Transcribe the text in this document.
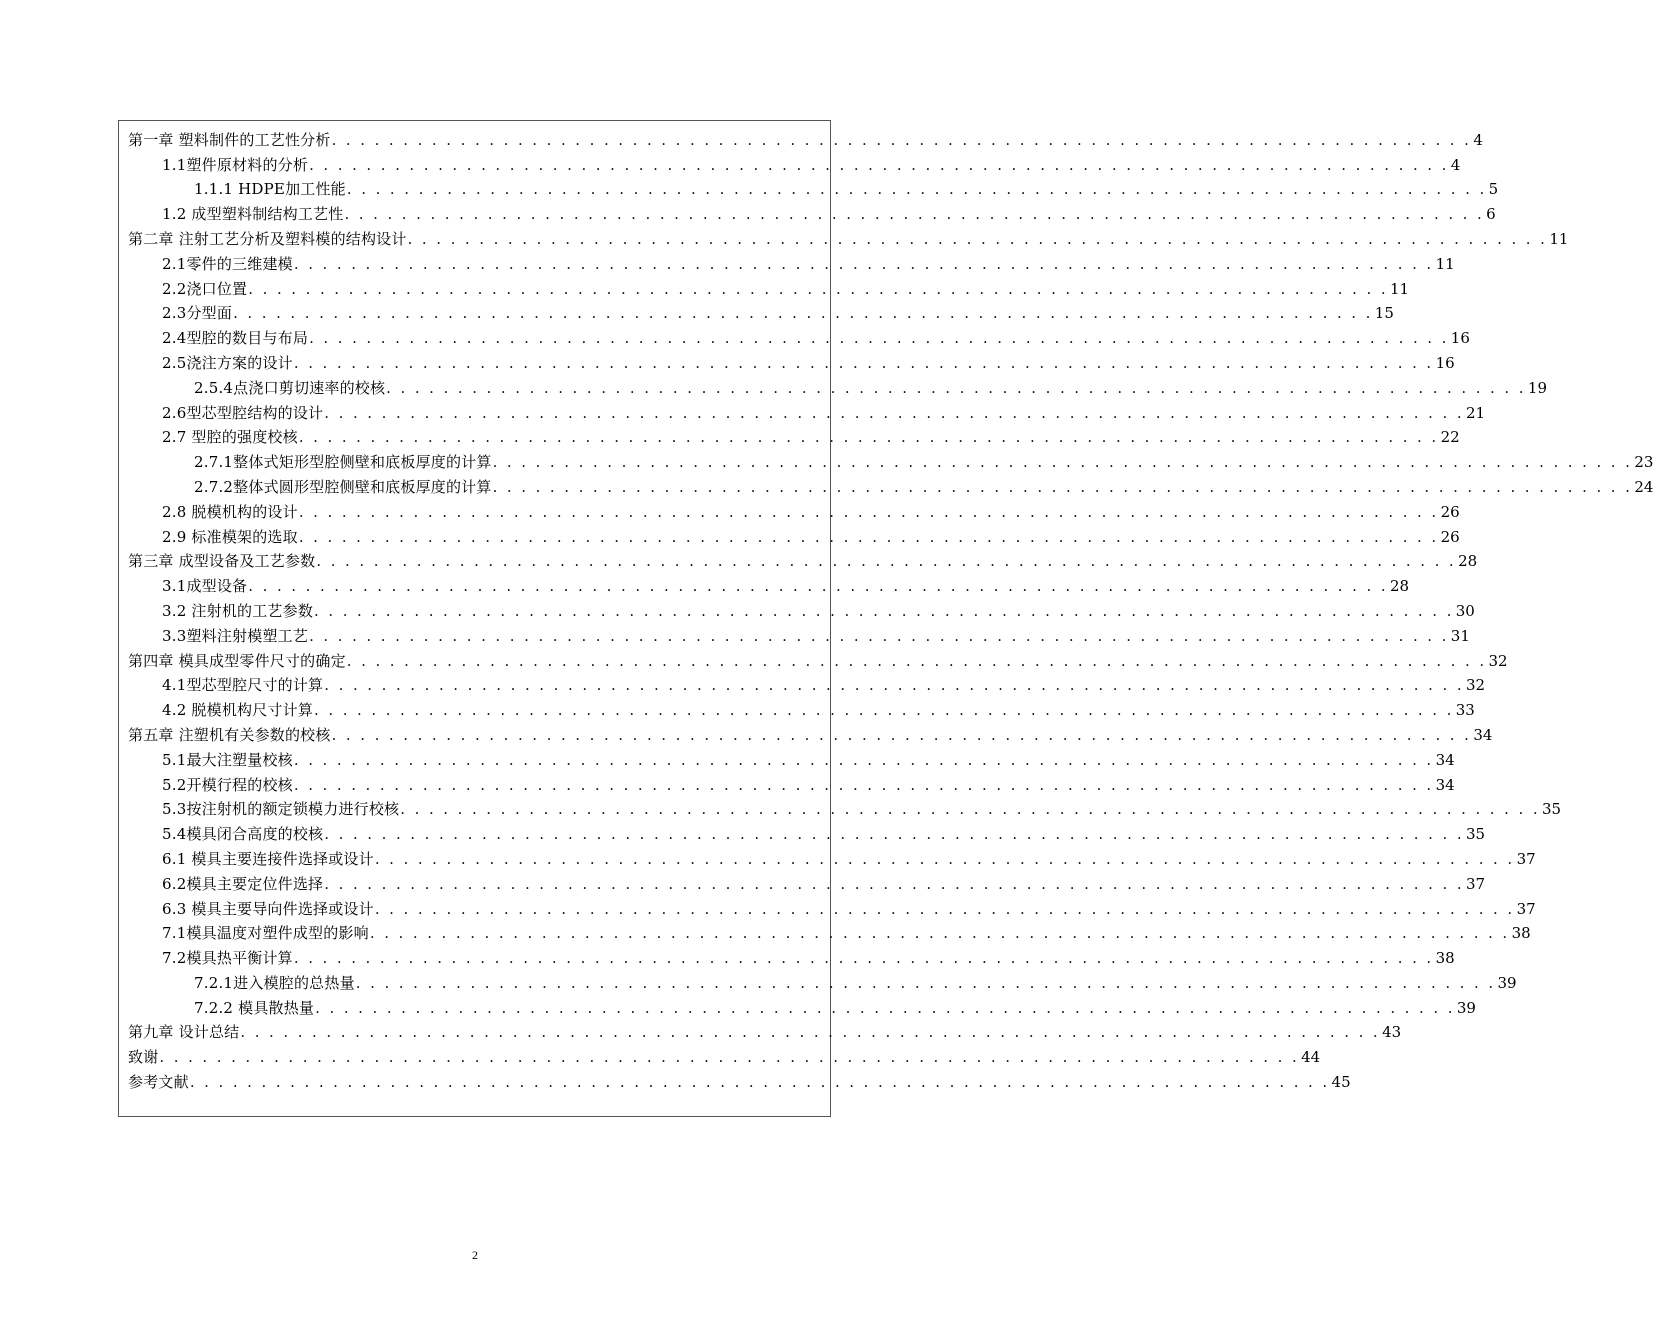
第一章 塑料制件的工艺性分析 . . . . . . . . . . . . . . . . . . . . . . . . . . . . . . . . . . . . . . . . . . . . . . . . . . . . . . . . . . . . . . . . . . . . . . . . . . . . . . . . 4
1.1塑件原材料的分析 . . . . . . . . . . . . . . . . . . . . . . . . . . . . . . . . . . . . . . . . . . . . . . . . . . . . . . . . . . . . . . . . . . . . . . . . . . . . . . . . 4
1.1.1 HDPE加工性能 . . . . . . . . . . . . . . . . . . . . . . . . . . . . . . . . . . . . . . . . . . . . . . . . . . . . . . . . . . . . . . . . . . . . . . . . . . . . . . . . 5
1.2 成型塑料制结构工艺性 . . . . . . . . . . . . . . . . . . . . . . . . . . . . . . . . . . . . . . . . . . . . . . . . . . . . . . . . . . . . . . . . . . . . . . . . . . . . . . . . 6
第二章 注射工艺分析及塑料模的结构设计 . . . . . . . . . . . . . . . . . . . . . . . . . . . . . . . . . . . . . . . . . . . . . . . . . . . . . . . . . . . . . . . . . . . . . . . . . . . . . . . . 11
2.1零件的三维建模 . . . . . . . . . . . . . . . . . . . . . . . . . . . . . . . . . . . . . . . . . . . . . . . . . . . . . . . . . . . . . . . . . . . . . . . . . . . . . . . . 11
2.2浇口位置 . . . . . . . . . . . . . . . . . . . . . . . . . . . . . . . . . . . . . . . . . . . . . . . . . . . . . . . . . . . . . . . . . . . . . . . . . . . . . . . . 11
2.3分型面 . . . . . . . . . . . . . . . . . . . . . . . . . . . . . . . . . . . . . . . . . . . . . . . . . . . . . . . . . . . . . . . . . . . . . . . . . . . . . . . . 15
2.4型腔的数目与布局 . . . . . . . . . . . . . . . . . . . . . . . . . . . . . . . . . . . . . . . . . . . . . . . . . . . . . . . . . . . . . . . . . . . . . . . . . . . . . . . . 16
2.5浇注方案的设计 . . . . . . . . . . . . . . . . . . . . . . . . . . . . . . . . . . . . . . . . . . . . . . . . . . . . . . . . . . . . . . . . . . . . . . . . . . . . . . . . 16
2.5.4点浇口剪切速率的校核 . . . . . . . . . . . . . . . . . . . . . . . . . . . . . . . . . . . . . . . . . . . . . . . . . . . . . . . . . . . . . . . . . . . . . . . . . . . . . . . . 19
2.6型芯型腔结构的设计 . . . . . . . . . . . . . . . . . . . . . . . . . . . . . . . . . . . . . . . . . . . . . . . . . . . . . . . . . . . . . . . . . . . . . . . . . . . . . . . . 21
2.7 型腔的强度校核 . . . . . . . . . . . . . . . . . . . . . . . . . . . . . . . . . . . . . . . . . . . . . . . . . . . . . . . . . . . . . . . . . . . . . . . . . . . . . . . . 22
2.7.1整体式矩形型腔侧壁和底板厚度的计算 . . . . . . . . . . . . . . . . . . . . . . . . . . . . . . . . . . . . . . . . . . . . . . . . . . . . . . . . . . . . . . . . . . . . . . . . . . . . . . . . 23
2.7.2整体式圆形型腔侧壁和底板厚度的计算 . . . . . . . . . . . . . . . . . . . . . . . . . . . . . . . . . . . . . . . . . . . . . . . . . . . . . . . . . . . . . . . . . . . . . . . . . . . . . . . . 24
2.8 脱模机构的设计 . . . . . . . . . . . . . . . . . . . . . . . . . . . . . . . . . . . . . . . . . . . . . . . . . . . . . . . . . . . . . . . . . . . . . . . . . . . . . . . . 26
2.9 标准模架的选取 . . . . . . . . . . . . . . . . . . . . . . . . . . . . . . . . . . . . . . . . . . . . . . . . . . . . . . . . . . . . . . . . . . . . . . . . . . . . . . . . 26
第三章 成型设备及工艺参数 . . . . . . . . . . . . . . . . . . . . . . . . . . . . . . . . . . . . . . . . . . . . . . . . . . . . . . . . . . . . . . . . . . . . . . . . . . . . . . . . 28
3.1成型设备 . . . . . . . . . . . . . . . . . . . . . . . . . . . . . . . . . . . . . . . . . . . . . . . . . . . . . . . . . . . . . . . . . . . . . . . . . . . . . . . . 28
3.2 注射机的工艺参数 . . . . . . . . . . . . . . . . . . . . . . . . . . . . . . . . . . . . . . . . . . . . . . . . . . . . . . . . . . . . . . . . . . . . . . . . . . . . . . . . 30
3.3塑料注射模塑工艺 . . . . . . . . . . . . . . . . . . . . . . . . . . . . . . . . . . . . . . . . . . . . . . . . . . . . . . . . . . . . . . . . . . . . . . . . . . . . . . . . 31
第四章 模具成型零件尺寸的确定 . . . . . . . . . . . . . . . . . . . . . . . . . . . . . . . . . . . . . . . . . . . . . . . . . . . . . . . . . . . . . . . . . . . . . . . . . . . . . . . . 32
4.1型芯型腔尺寸的计算 . . . . . . . . . . . . . . . . . . . . . . . . . . . . . . . . . . . . . . . . . . . . . . . . . . . . . . . . . . . . . . . . . . . . . . . . . . . . . . . . 32
4.2 脱模机构尺寸计算 . . . . . . . . . . . . . . . . . . . . . . . . . . . . . . . . . . . . . . . . . . . . . . . . . . . . . . . . . . . . . . . . . . . . . . . . . . . . . . . . 33
第五章 注塑机有关参数的校核 . . . . . . . . . . . . . . . . . . . . . . . . . . . . . . . . . . . . . . . . . . . . . . . . . . . . . . . . . . . . . . . . . . . . . . . . . . . . . . . . 34
5.1最大注塑量校核 . . . . . . . . . . . . . . . . . . . . . . . . . . . . . . . . . . . . . . . . . . . . . . . . . . . . . . . . . . . . . . . . . . . . . . . . . . . . . . . . 34
5.2开模行程的校核 . . . . . . . . . . . . . . . . . . . . . . . . . . . . . . . . . . . . . . . . . . . . . . . . . . . . . . . . . . . . . . . . . . . . . . . . . . . . . . . . 34
5.3按注射机的额定锁模力进行校核 . . . . . . . . . . . . . . . . . . . . . . . . . . . . . . . . . . . . . . . . . . . . . . . . . . . . . . . . . . . . . . . . . . . . . . . . . . . . . . . . 35
5.4模具闭合高度的校核 . . . . . . . . . . . . . . . . . . . . . . . . . . . . . . . . . . . . . . . . . . . . . . . . . . . . . . . . . . . . . . . . . . . . . . . . . . . . . . . . 35
6.1 模具主要连接件选择或设计 . . . . . . . . . . . . . . . . . . . . . . . . . . . . . . . . . . . . . . . . . . . . . . . . . . . . . . . . . . . . . . . . . . . . . . . . . . . . . . . . 37
6.2模具主要定位件选择 . . . . . . . . . . . . . . . . . . . . . . . . . . . . . . . . . . . . . . . . . . . . . . . . . . . . . . . . . . . . . . . . . . . . . . . . . . . . . . . . 37
6.3 模具主要导向件选择或设计 . . . . . . . . . . . . . . . . . . . . . . . . . . . . . . . . . . . . . . . . . . . . . . . . . . . . . . . . . . . . . . . . . . . . . . . . . . . . . . . . 37
7.1模具温度对塑件成型的影响 . . . . . . . . . . . . . . . . . . . . . . . . . . . . . . . . . . . . . . . . . . . . . . . . . . . . . . . . . . . . . . . . . . . . . . . . . . . . . . . . 38
7.2模具热平衡计算 . . . . . . . . . . . . . . . . . . . . . . . . . . . . . . . . . . . . . . . . . . . . . . . . . . . . . . . . . . . . . . . . . . . . . . . . . . . . . . . . 38
7.2.1进入模腔的总热量 . . . . . . . . . . . . . . . . . . . . . . . . . . . . . . . . . . . . . . . . . . . . . . . . . . . . . . . . . . . . . . . . . . . . . . . . . . . . . . . . 39
7.2.2 模具散热量 . . . . . . . . . . . . . . . . . . . . . . . . . . . . . . . . . . . . . . . . . . . . . . . . . . . . . . . . . . . . . . . . . . . . . . . . . . . . . . . . 39
第九章 设计总结 . . . . . . . . . . . . . . . . . . . . . . . . . . . . . . . . . . . . . . . . . . . . . . . . . . . . . . . . . . . . . . . . . . . . . . . . . . . . . . . . 43
致谢 . . . . . . . . . . . . . . . . . . . . . . . . . . . . . . . . . . . . . . . . . . . . . . . . . . . . . . . . . . . . . . . . . . . . . . . . . . . . . . . . 44
参考文献 . . . . . . . . . . . . . . . . . . . . . . . . . . . . . . . . . . . . . . . . . . . . . . . . . . . . . . . . . . . . . . . . . . . . . . . . . . . . . . . . 45
2
